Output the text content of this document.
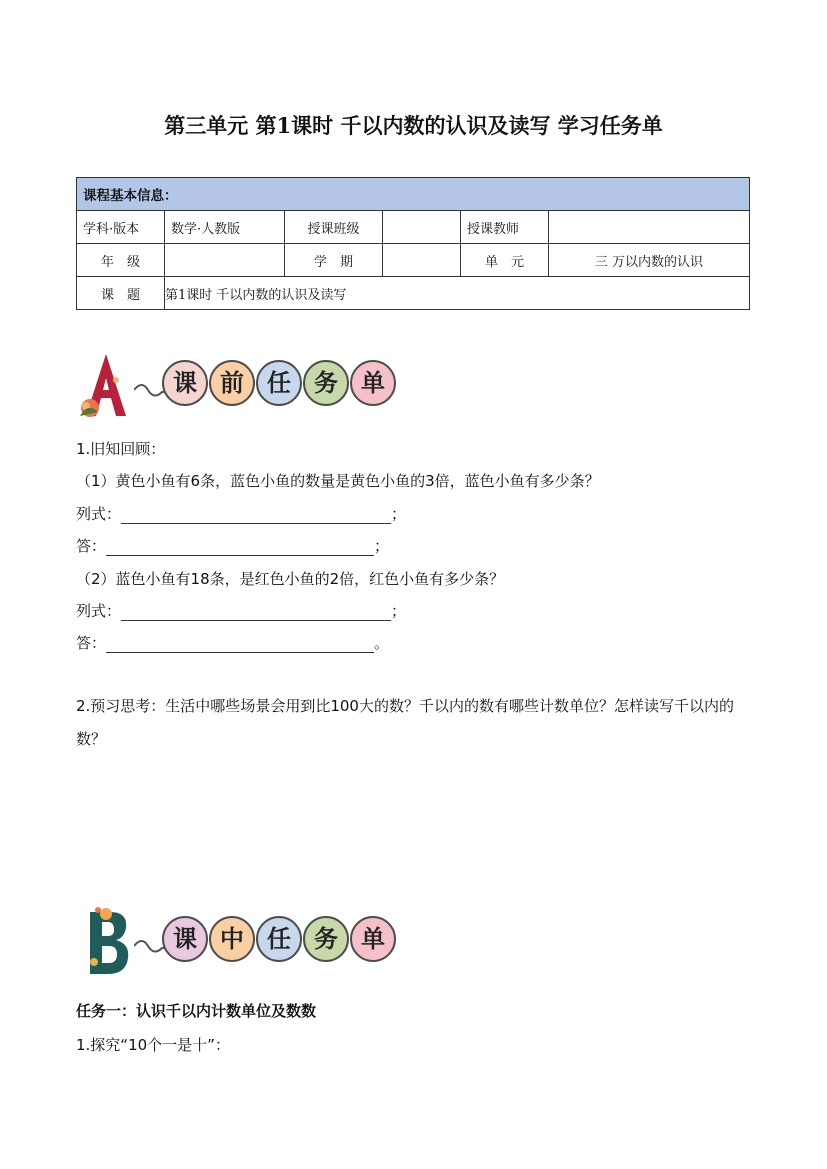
第三单元 第1课时 千以内数的认识及读写 学习任务单
课程基本信息：					
学科·版本	数学·人教版	授课班级		授课教师	
年　级		学　期		单　元	三 万以内数的认识
课　题	第1课时 千以内数的认识及读写				
课 前 任 务 单
1.旧知回顾：
（1）黄色小鱼有6条，蓝色小鱼的数量是黄色小鱼的3倍，蓝色小鱼有多少条？
列式：	；
答：	；
（2）蓝色小鱼有18条，是红色小鱼的2倍，红色小鱼有多少条？
列式：	；
答：	。
2.预习思考：生活中哪些场景会用到比100大的数？千以内的数有哪些计数单位？怎样读写千以内的数？
课 中 任 务 单
任务一：认识千以内计数单位及数数
1.探究“10个一是十”：
